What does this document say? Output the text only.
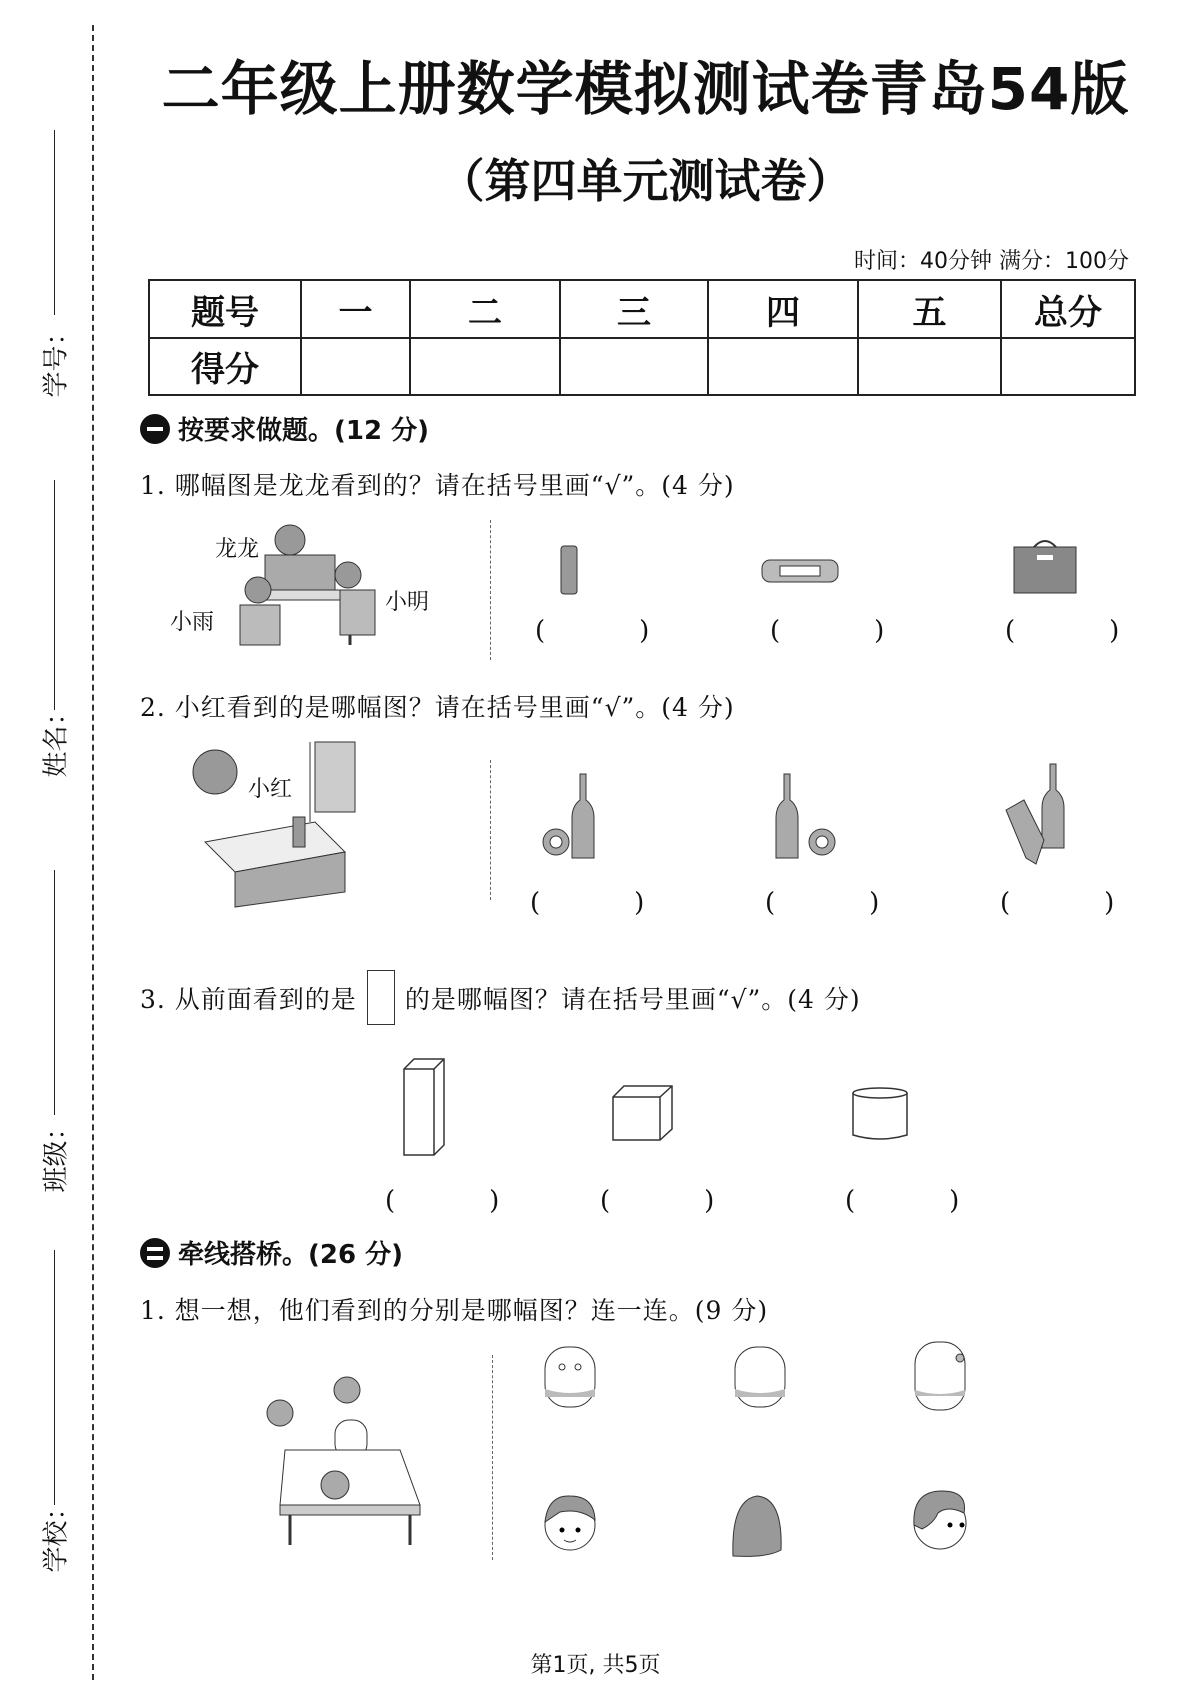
学号：
姓名：
班级：
学校：
二年级上册数学模拟测试卷青岛54版
（第四单元测试卷）
时间：40分钟 满分：100分
题号	一	二	三	四	五	总分
得分						
按要求做题。(12 分)
1. 哪幅图是龙龙看到的？请在括号里画“√”。(4 分)
龙龙
小雨
小明
(　)	(　)	(　)
2. 小红看到的是哪幅图？请在括号里画“√”。(4 分)
小红
(　)	(　)	(　)
3. 从前面看到的是 的是哪幅图？请在括号里画“√”。(4 分)
(　)	(　)	(　)
牵线搭桥。(26 分)
1. 想一想，他们看到的分别是哪幅图？连一连。(9 分)
第1页, 共5页
